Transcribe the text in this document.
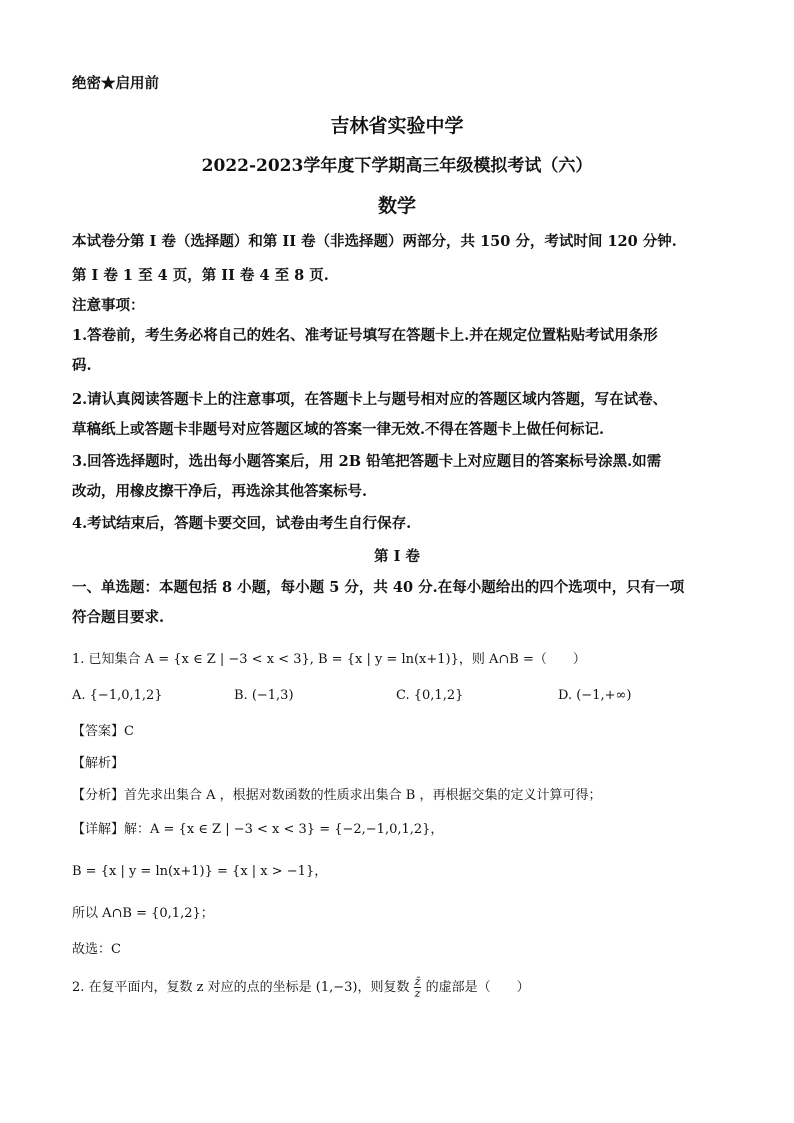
绝密★启用前
吉林省实验中学
2022-2023学年度下学期高三年级模拟考试（六）
数学
本试卷分第 I 卷（选择题）和第 II 卷（非选择题）两部分，共 150 分，考试时间 120 分钟.
第 I 卷 1 至 4 页，第 II 卷 4 至 8 页.
注意事项：
1.答卷前，考生务必将自己的姓名、准考证号填写在答题卡上.并在规定位置粘贴考试用条形
码.
2.请认真阅读答题卡上的注意事项，在答题卡上与题号相对应的答题区域内答题，写在试卷、
草稿纸上或答题卡非题号对应答题区域的答案一律无效.不得在答题卡上做任何标记.
3.回答选择题时，选出每小题答案后，用 2B 铅笔把答题卡上对应题目的答案标号涂黑.如需
改动，用橡皮擦干净后，再选涂其他答案标号.
4.考试结束后，答题卡要交回，试卷由考生自行保存.
第 I 卷
一、单选题：本题包括 8 小题，每小题 5 分，共 40 分.在每小题给出的四个选项中，只有一项
符合题目要求.
1. 已知集合 A = {x ∈ Z | −3 < x < 3}, B = {x | y = ln(x+1)}，则 A∩B =（　　）
A. {−1,0,1,2}	B. (−1,3)	C. {0,1,2}	D. (−1,+∞)
【答案】C
【解析】
【分析】首先求出集合 A ，根据对数函数的性质求出集合 B ，再根据交集的定义计算可得；
【详解】解：A = {x ∈ Z | −3 < x < 3} = {−2,−1,0,1,2}，
B = {x | y = ln(x+1)} = {x | x > −1}，
所以 A∩B = {0,1,2}；
故选：C
2. 在复平面内，复数 z 对应的点的坐标是 (1,−3)，则复数 $\frac{z̄}{z}$ 的虚部是（　　）
